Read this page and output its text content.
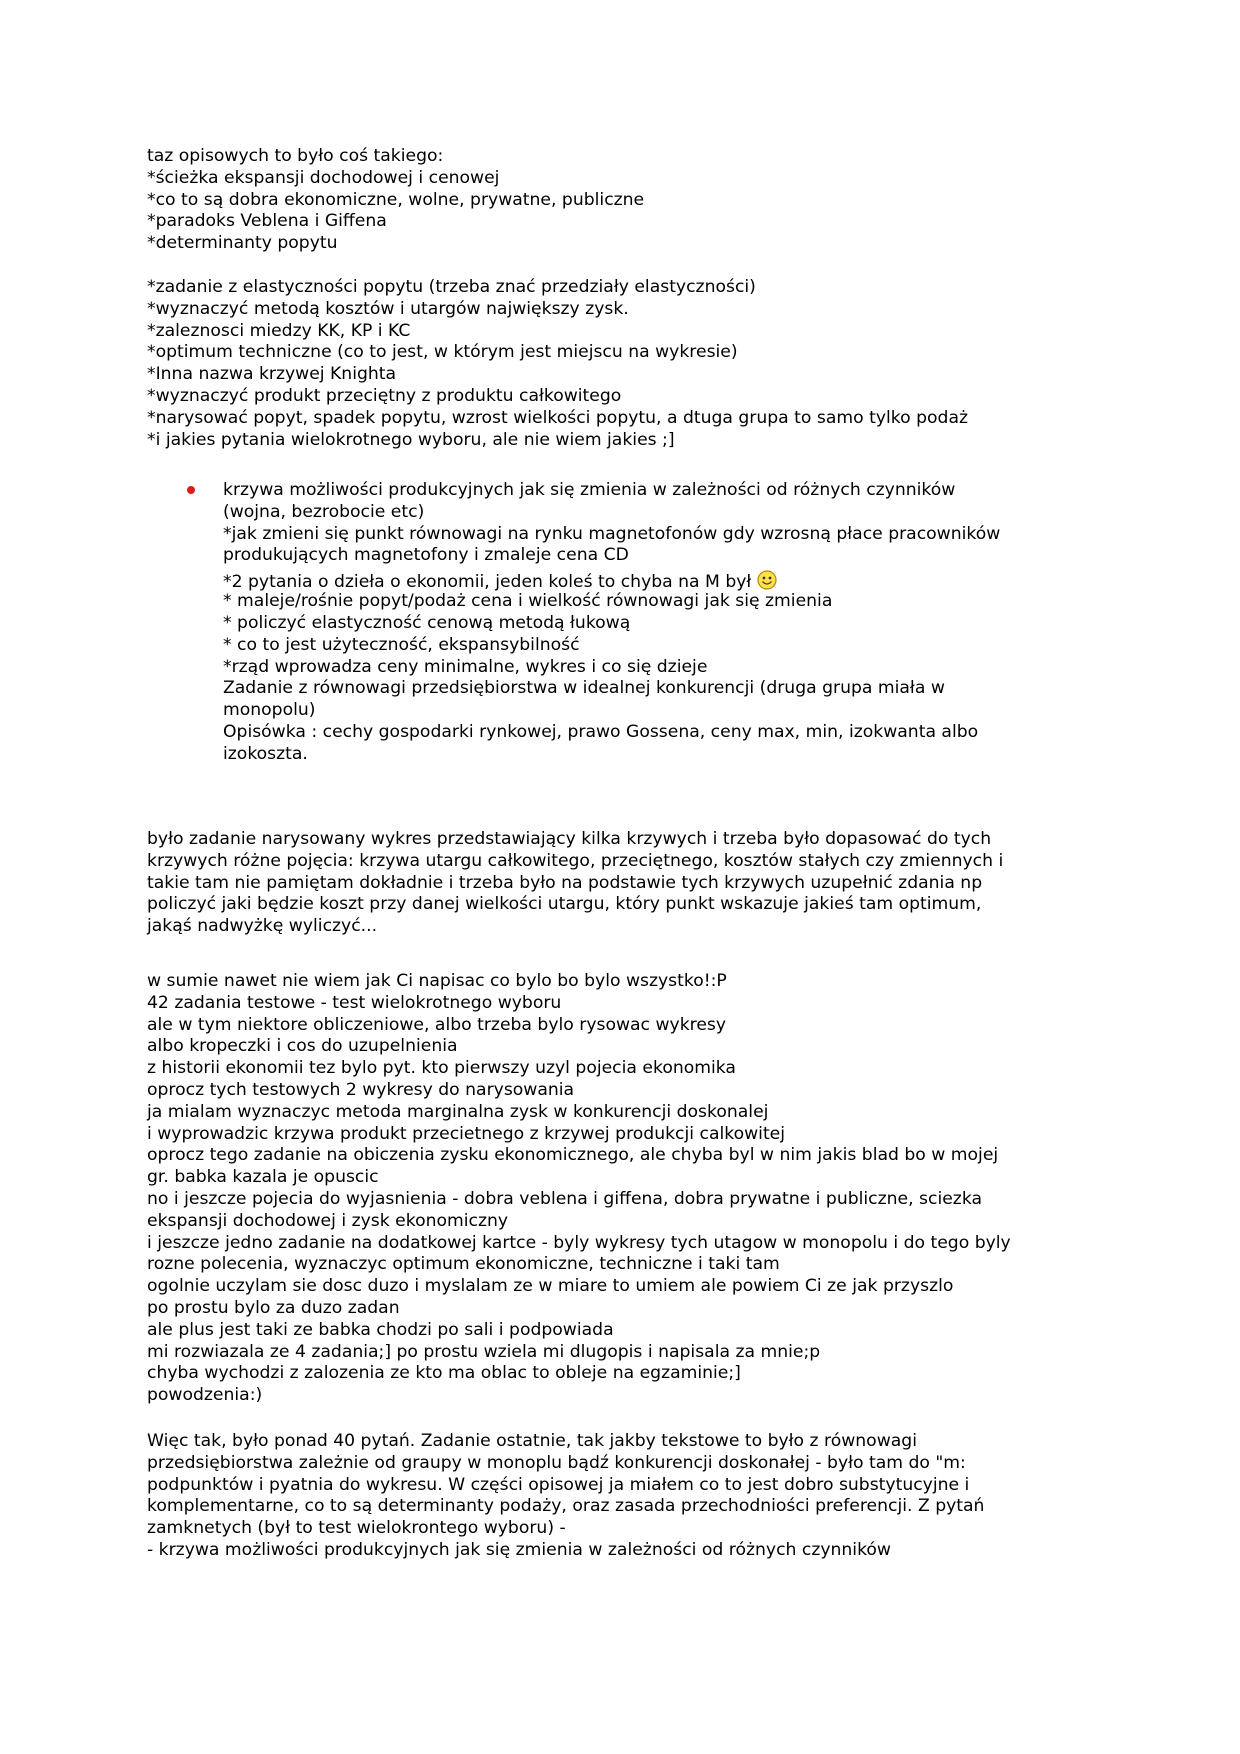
taz opisowych to było coś takiego:
*ścieżka ekspansji dochodowej i cenowej
*co to są dobra ekonomiczne, wolne, prywatne, publiczne
*paradoks Veblena i Giffena
*determinanty popytu
*zadanie z elastyczności popytu (trzeba znać przedziały elastyczności)
*wyznaczyć metodą kosztów i utargów największy zysk.
*zaleznosci miedzy KK, KP i KC
*optimum techniczne (co to jest, w którym jest miejscu na wykresie)
*Inna nazwa krzywej Knighta
*wyznaczyć produkt przeciętny z produktu całkowitego
*narysować popyt, spadek popytu, wzrost wielkości popytu, a dtuga grupa to samo tylko podaż
*i jakies pytania wielokrotnego wyboru, ale nie wiem jakies ;]
krzywa możliwości produkcyjnych jak się zmienia w zależności od różnych czynników
(wojna, bezrobocie etc)
*jak zmieni się punkt równowagi na rynku magnetofonów gdy wzrosną płace pracowników
produkujących magnetofony i zmaleje cena CD
*2 pytania o dzieła o ekonomii, jeden koleś to chyba na M był
* maleje/rośnie popyt/podaż cena i wielkość równowagi jak się zmienia
* policzyć elastyczność cenową metodą łukową
* co to jest użyteczność, ekspansybilność
*rząd wprowadza ceny minimalne, wykres i co się dzieje
Zadanie z równowagi przedsiębiorstwa w idealnej konkurencji (druga grupa miała w
monopolu)
Opisówka : cechy gospodarki rynkowej, prawo Gossena, ceny max, min, izokwanta albo
izokoszta.
było zadanie narysowany wykres przedstawiający kilka krzywych i trzeba było dopasować do tych
krzywych różne pojęcia: krzywa utargu całkowitego, przeciętnego, kosztów stałych czy zmiennych i
takie tam nie pamiętam dokładnie i trzeba było na podstawie tych krzywych uzupełnić zdania np
policzyć jaki będzie koszt przy danej wielkości utargu, który punkt wskazuje jakieś tam optimum,
jakąś nadwyżkę wyliczyć...
w sumie nawet nie wiem jak Ci napisac co bylo bo bylo wszystko!:P
42 zadania testowe - test wielokrotnego wyboru
ale w tym niektore obliczeniowe, albo trzeba bylo rysowac wykresy
albo kropeczki i cos do uzupelnienia
z historii ekonomii tez bylo pyt. kto pierwszy uzyl pojecia ekonomika
oprocz tych testowych 2 wykresy do narysowania
ja mialam wyznaczyc metoda marginalna zysk w konkurencji doskonalej
i wyprowadzic krzywa produkt przecietnego z krzywej produkcji calkowitej
oprocz tego zadanie na obiczenia zysku ekonomicznego, ale chyba byl w nim jakis blad bo w mojej
gr. babka kazala je opuscic
no i jeszcze pojecia do wyjasnienia - dobra veblena i giffena, dobra prywatne i publiczne, sciezka
ekspansji dochodowej i zysk ekonomiczny
i jeszcze jedno zadanie na dodatkowej kartce - byly wykresy tych utagow w monopolu i do tego byly
rozne polecenia, wyznaczyc optimum ekonomiczne, techniczne i taki tam
ogolnie uczylam sie dosc duzo i myslalam ze w miare to umiem ale powiem Ci ze jak przyszlo
po prostu bylo za duzo zadan
ale plus jest taki ze babka chodzi po sali i podpowiada
mi rozwiazala ze 4 zadania;] po prostu wziela mi dlugopis i napisala za mnie;p
chyba wychodzi z zalozenia ze kto ma oblac to obleje na egzaminie;]
powodzenia:)
Więc tak, było ponad 40 pytań. Zadanie ostatnie, tak jakby tekstowe to było z równowagi
przedsiębiorstwa zależnie od graupy w monoplu bądź konkurencji doskonałej - było tam do "m:
podpunktów i pyatnia do wykresu. W części opisowej ja miałem co to jest dobro substytucyjne i
komplementarne, co to są determinanty podaży, oraz zasada przechodniości preferencji. Z pytań
zamknetych (był to test wielokrontego wyboru) -
- krzywa możliwości produkcyjnych jak się zmienia w zależności od różnych czynników
